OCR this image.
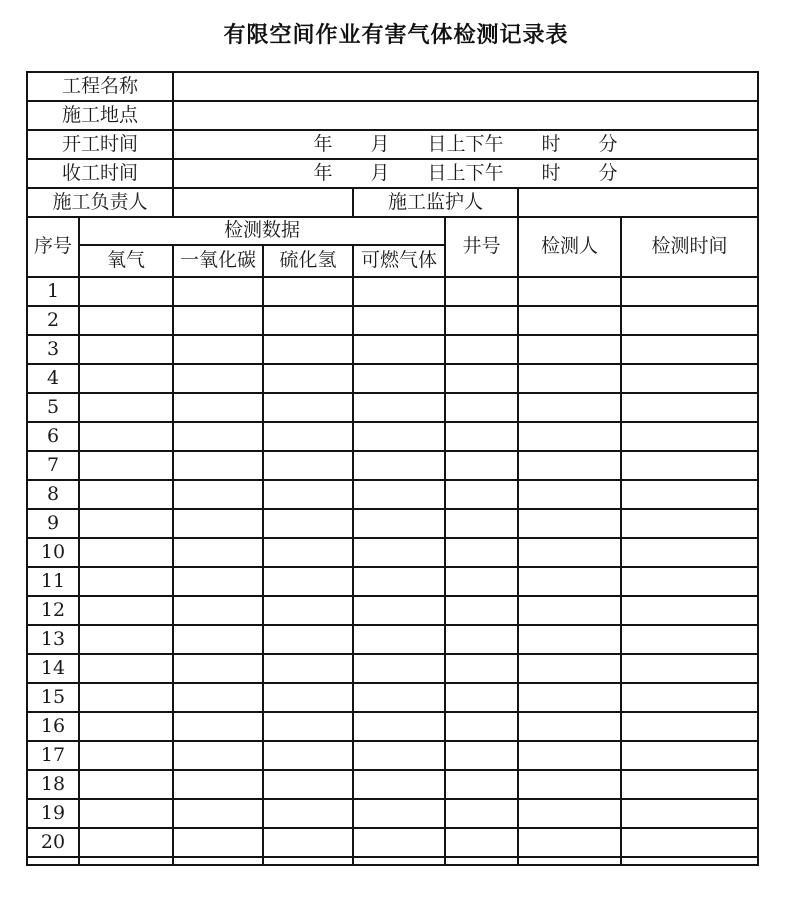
有限空间作业有害气体检测记录表
工程名称							
施工地点							
开工时间		年　　月　　日上下午　　时　　分					
收工时间		年　　月　　日上下午　　时　　分					
施工负责人				施工监护人			
序号	检测数据				井号	检测人	检测时间
	氧气	一氧化碳	硫化氢	可燃气体			
1							
2							
3							
4							
5							
6							
7							
8							
9							
10							
11							
12							
13							
14							
15							
16							
17							
18							
19							
20							
